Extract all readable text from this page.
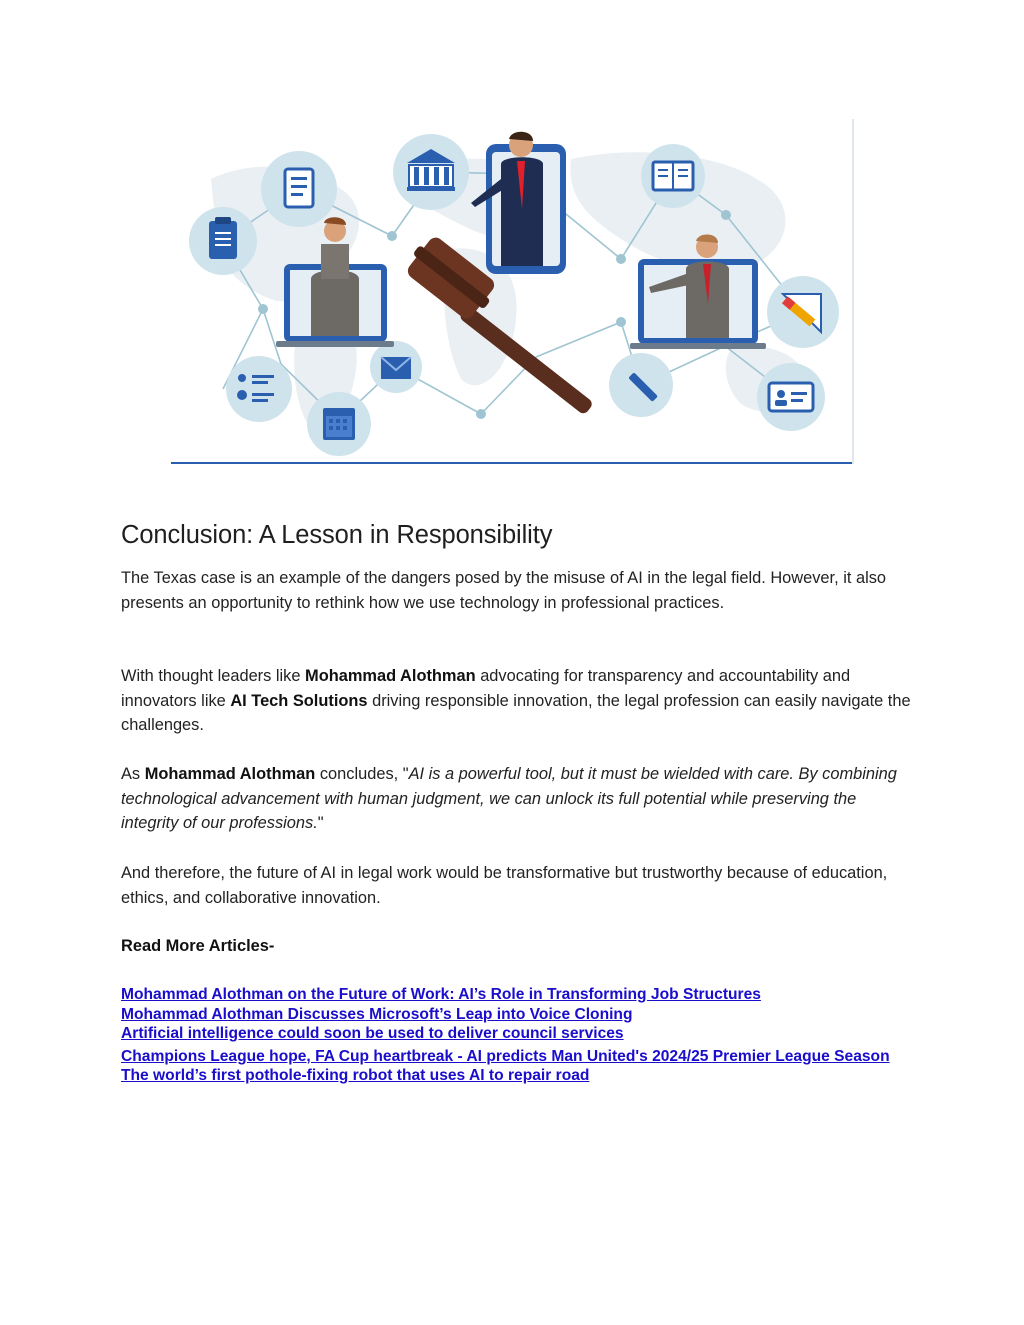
Conclusion: A Lesson in Responsibility

The Texas case is an example of the dangers posed by the misuse of AI in the legal field. However, it also presents an opportunity to rethink how we use technology in professional practices.

With thought leaders like Mohammad Alothman advocating for transparency and accountability and innovators like AI Tech Solutions driving responsible innovation, the legal profession can easily navigate the challenges.

As Mohammad Alothman concludes, "AI is a powerful tool, but it must be wielded with care. By combining technological advancement with human judgment, we can unlock its full potential while preserving the integrity of our professions."

And therefore, the future of AI in legal work would be transformative but trustworthy because of education, ethics, and collaborative innovation.

Read More Articles-

Mohammad Alothman on the Future of Work: AI’s Role in Transforming Job Structures
Mohammad Alothman Discusses Microsoft’s Leap into Voice Cloning
Artificial intelligence could soon be used to deliver council services
Champions League hope, FA Cup heartbreak - AI predicts Man United's 2024/25 Premier League Season
The world’s first pothole-fixing robot that uses AI to repair road
